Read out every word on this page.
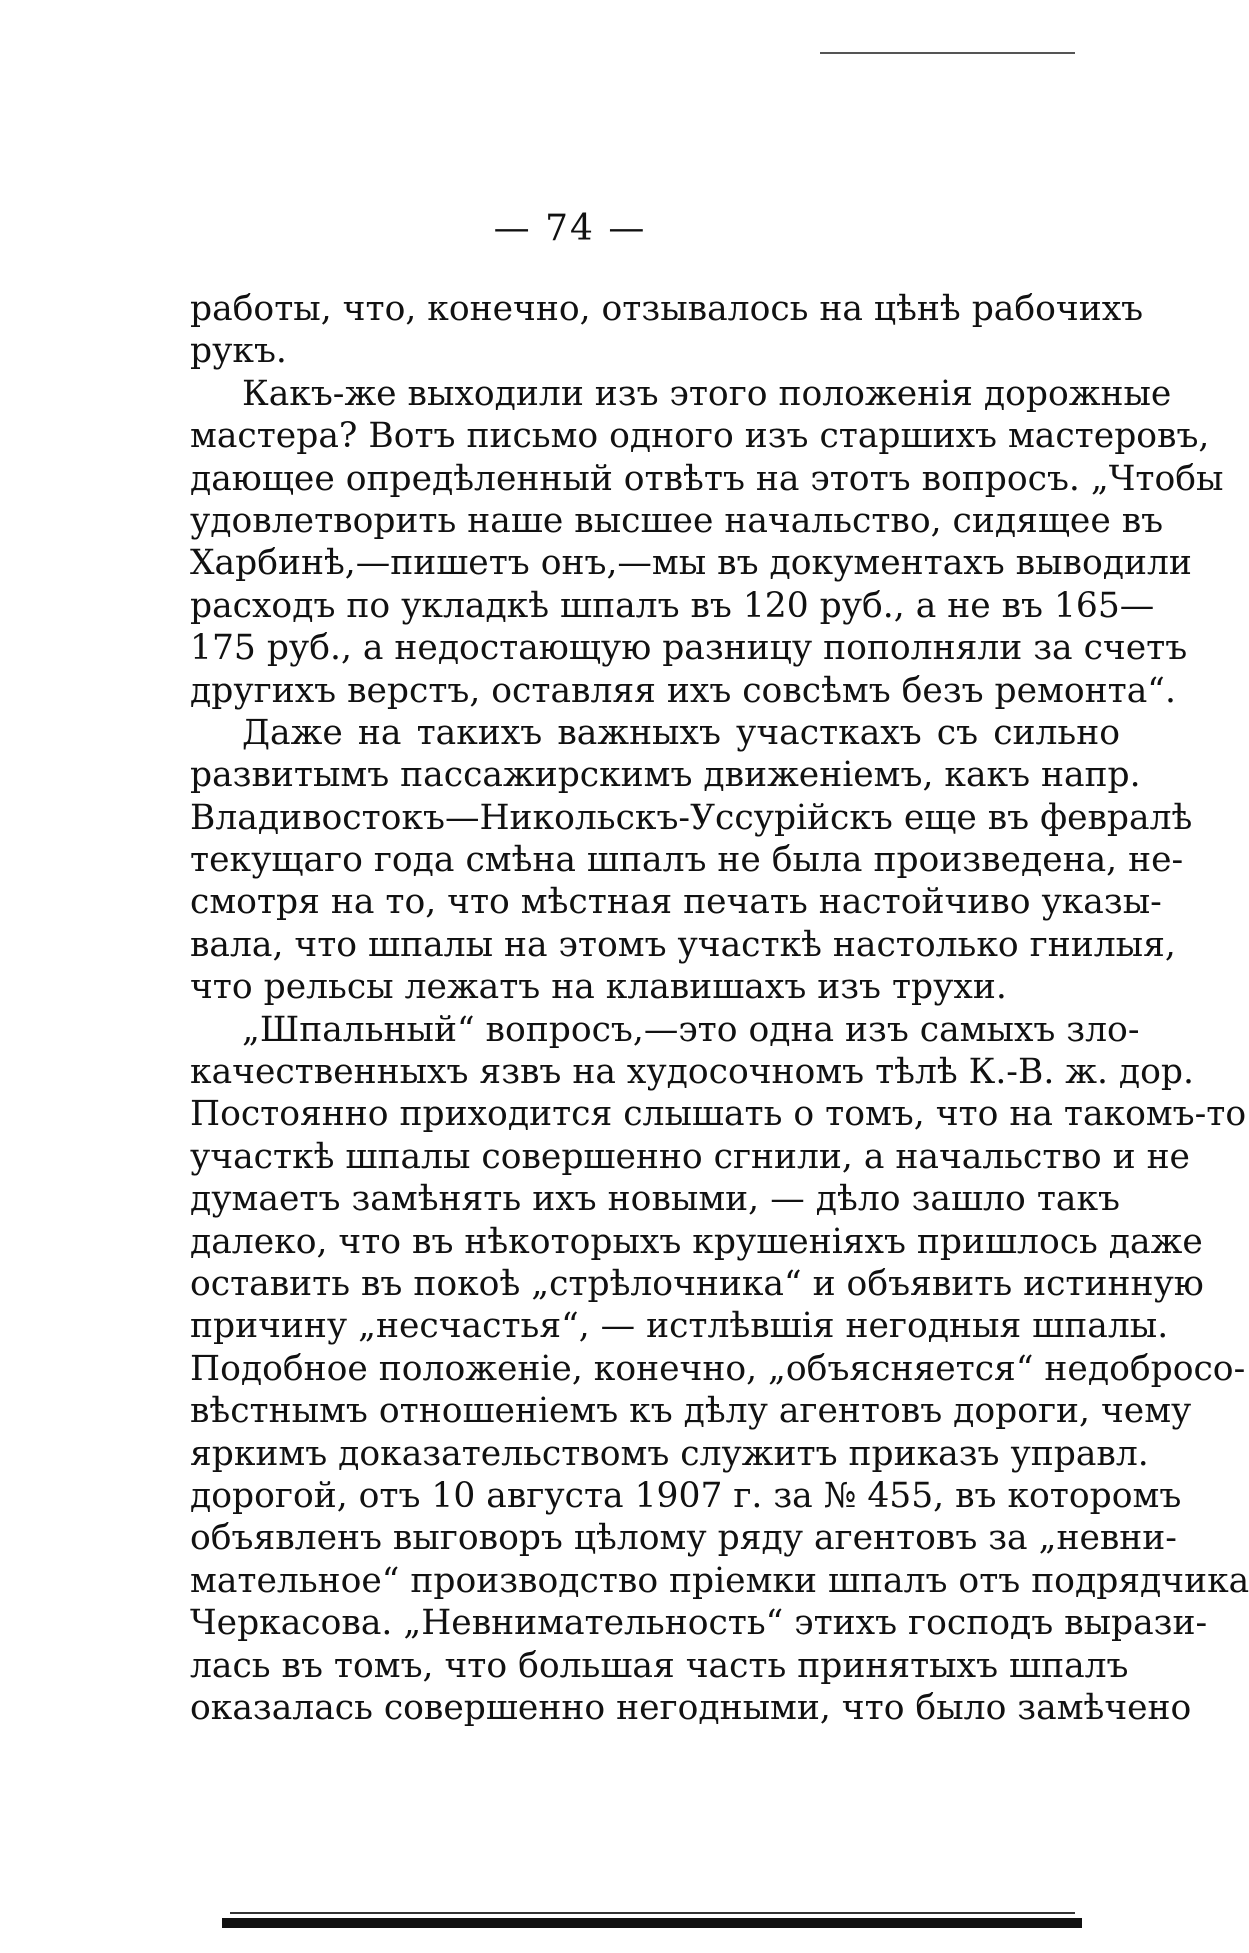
— 74 —
работы, что, конечно, отзывалось на цѣнѣ рабочихъ
рукъ.
Какъ-же выходили изъ этого положенія дорожные
мастера? Вотъ письмо одного изъ старшихъ мастеровъ,
дающее опредѣленный отвѣтъ на этотъ вопросъ. „Чтобы
удовлетворить наше высшее начальство, сидящее въ
Харбинѣ,—пишетъ онъ,—мы въ документахъ выводили
расходъ по укладкѣ шпалъ въ 120 руб., а не въ 165—
175 руб., а недостающую разницу пополняли за счетъ
другихъ верстъ, оставляя ихъ совсѣмъ безъ ремонта“.
Даже на такихъ важныхъ участкахъ съ сильно
развитымъ пассажирскимъ движеніемъ, какъ напр.
Владивостокъ—Никольскъ-Уссурійскъ еще въ февралѣ
текущаго года смѣна шпалъ не была произведена, не-
смотря на то, что мѣстная печать настойчиво указы-
вала, что шпалы на этомъ участкѣ настолько гнилыя,
что рельсы лежатъ на клавишахъ изъ трухи.
„Шпальный“ вопросъ,—это одна изъ самыхъ зло-
качественныхъ язвъ на худосочномъ тѣлѣ К.-В. ж. дор.
Постоянно приходится слышать о томъ, что на такомъ-то
участкѣ шпалы совершенно сгнили, а начальство и не
думаетъ замѣнять ихъ новыми, — дѣло зашло такъ
далеко, что въ нѣкоторыхъ крушеніяхъ пришлось даже
оставить въ покоѣ „стрѣлочника“ и объявить истинную
причину „несчастья“, — истлѣвшія негодныя шпалы.
Подобное положеніе, конечно, „объясняется“ недобросо-
вѣстнымъ отношеніемъ къ дѣлу агентовъ дороги, чему
яркимъ доказательствомъ служитъ приказъ управл.
дорогой, отъ 10 августа 1907 г. за № 455, въ которомъ
объявленъ выговоръ цѣлому ряду агентовъ за „невни-
мательное“ производство пріемки шпалъ отъ подрядчика
Черкасова. „Невнимательность“ этихъ господъ вырази-
лась въ томъ, что большая часть принятыхъ шпалъ
оказалась совершенно негодными, что было замѣчено
